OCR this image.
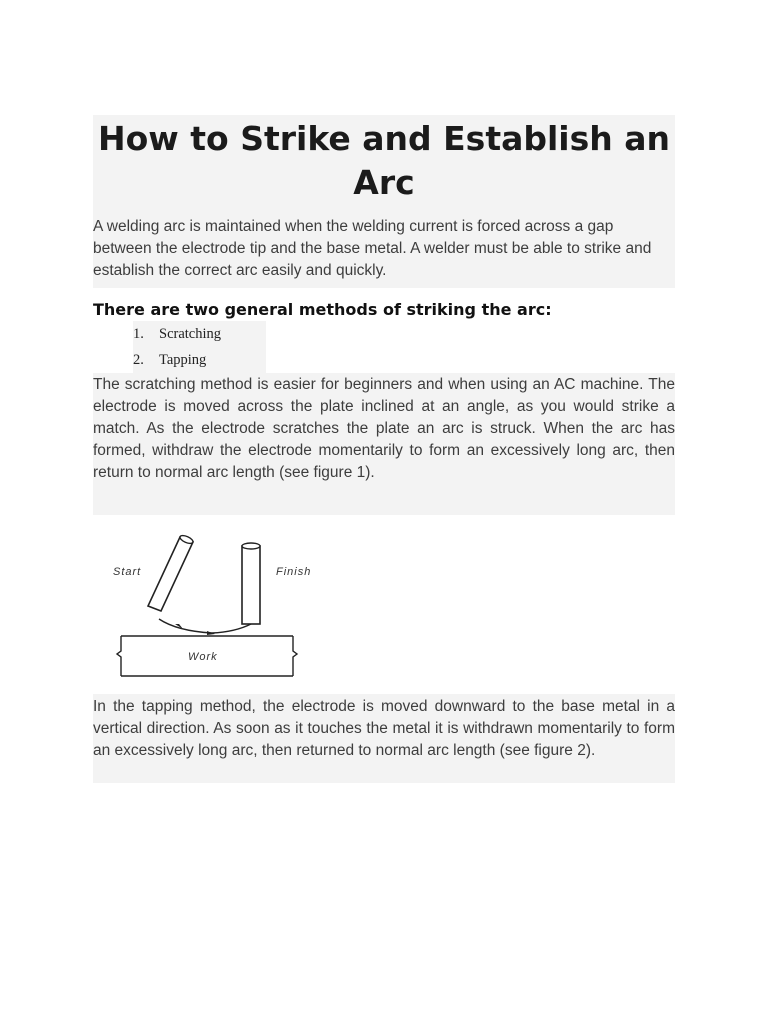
How to Strike and Establish an Arc

A welding arc is maintained when the welding current is forced across a gap between the electrode tip and the base metal. A welder must be able to strike and establish the correct arc easily and quickly.

There are two general methods of striking the arc:
1.	Scratching
2.	Tapping

The scratching method is easier for beginners and when using an AC machine. The electrode is moved across the plate inclined at an angle, as you would strike a match. As the electrode scratches the plate an arc is struck. When the arc has formed, withdraw the electrode momentarily to form an excessively long arc, then return to normal arc length (see figure 1).

Start	Finish
Work

In the tapping method, the electrode is moved downward to the base metal in a vertical direction. As soon as it touches the metal it is withdrawn momentarily to form an excessively long arc, then returned to normal arc length (see figure 2).
